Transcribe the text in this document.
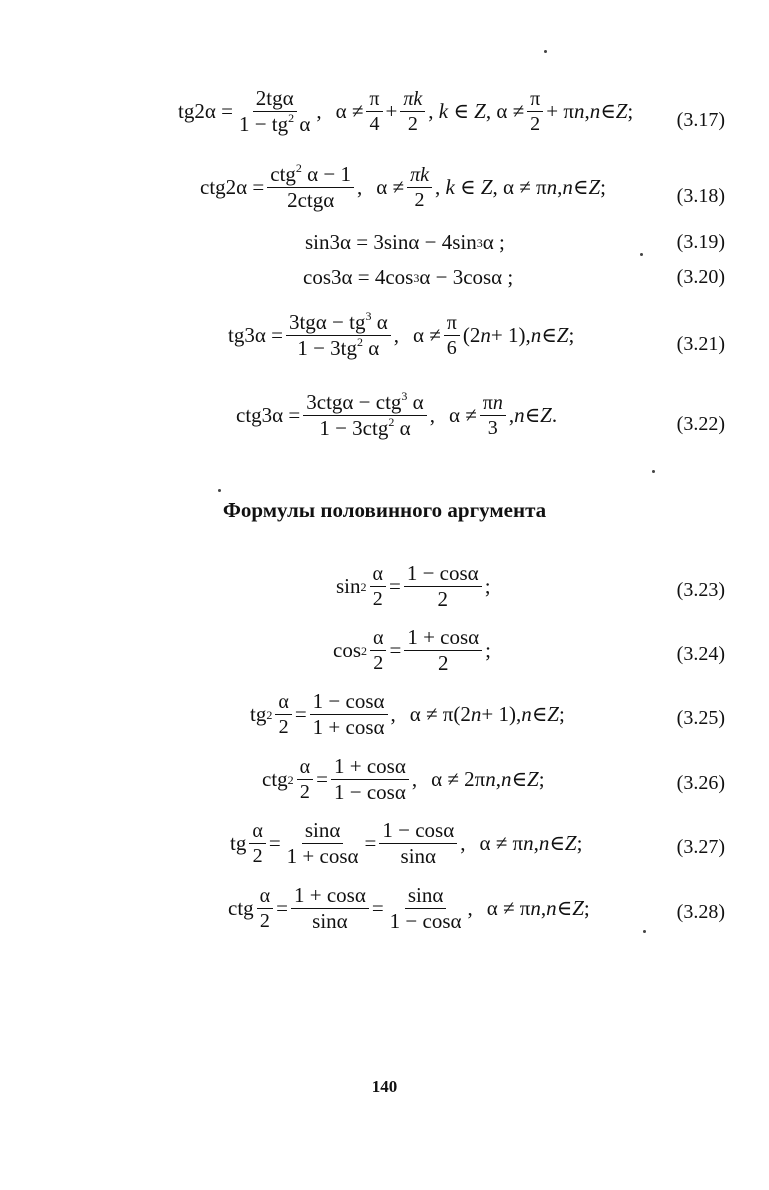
$tg2\alpha = \frac{\text{2tgα}}{1 - tg^2 \alpha}$ ,
$\alpha \ne \frac{\pi}{4} + \frac{\pi k}{2}$ , k ∈ Z , $\alpha \ne \frac{\pi}{2} + \pi$ n , n ∈ Z ; (3.17)
$ctg2\alpha = \frac{ctg^2 \alpha - 1}{\text{2ctgα}}$ ,
$\alpha \ne \frac{\pi k}{2}$ , k ∈ Z , α ≠ π n , n ∈ Z ;	(3.18)
sin3α = 3sinα − 4sin 3 α ;	(3.19)
cos3α = 4cos 3 α − 3cosα ;	(3.20)
$tg3\alpha = \frac{3tg\alpha - tg^3 \alpha}{1 - 3tg^2 \alpha}$ ,
$\alpha \ne \frac{\pi}{6} (2$ n + 1), n ∈ Z ;	(3.21)
$ctg3\alpha = \frac{3ctg\alpha - ctg^3 \alpha}{1 - 3ctg^2 \alpha}$ ,
$\alpha \ne \frac{\pi n}{3}$ , n ∈ Z .	(3.22)
Формулы половинного аргумента
$\sin 2 \frac{\alpha}{2} = \frac{1 - \cos\alpha}{2}$ ;	(3.23)
$\cos 2 \frac{\alpha}{2} = \frac{1 + \cos\alpha}{2}$ ;	(3.24)
tg $2 \frac{\alpha}{2} = \frac{1 - \cos\alpha}{1 + \cos\alpha}$ ,
α ≠ π(2 n + 1), n ∈ Z ;	(3.25)
ctg $2 \frac{\alpha}{2} = \frac{1 + \cos\alpha}{1 - \cos\alpha}$ ,
α ≠ 2π n , n ∈ Z ;	(3.26)
tg $\frac{\alpha}{2} = \frac{\sin\alpha}{1 + \cos\alpha} = \frac{1 - \cos\alpha}{\sin\alpha}$ ,
α ≠ π n , n ∈ Z ;	(3.27)
ctg $\frac{\alpha}{2} = \frac{1 + \cos\alpha}{\sin\alpha} = \frac{\sin\alpha}{1 - \cos\alpha}$ ,
α ≠ π n , n ∈ Z ;	(3.28)
140
